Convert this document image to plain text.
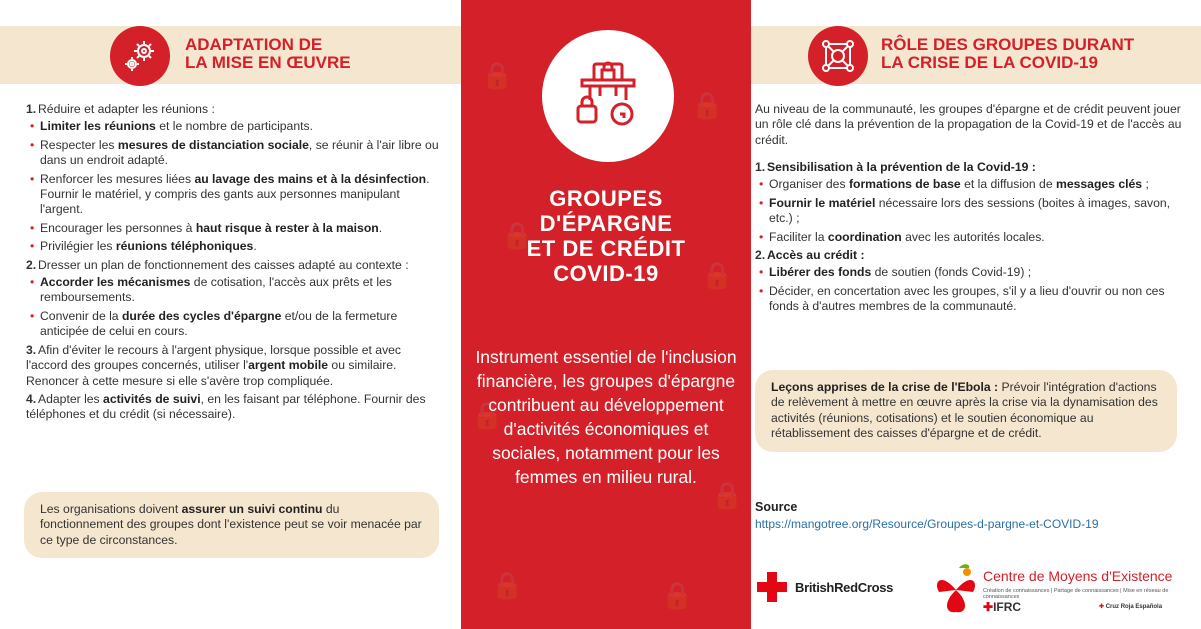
ADAPTATION DE
LA MISE EN ŒUVRE
1. Réduire et adapter les réunions :
• Limiter les réunions et le nombre de participants.
• Respecter les mesures de distanciation sociale, se réunir à l'air libre ou dans un endroit adapté.
• Renforcer les mesures liées au lavage des mains et à la désinfection. Fournir le matériel, y compris des gants aux personnes manipulant l'argent.
• Encourager les personnes à haut risque à rester à la maison.
• Privilégier les réunions téléphoniques.
2. Dresser un plan de fonctionnement des caisses adapté au contexte :
• Accorder les mécanismes de cotisation, l'accès aux prêts et les remboursements.
• Convenir de la durée des cycles d'épargne et/ou de la fermeture anticipée de celui en cours.
3. Afin d'éviter le recours à l'argent physique, lorsque possible et avec l'accord des groupes concernés, utiliser l'argent mobile ou similaire. Renoncer à cette mesure si elle s'avère trop compliquée.
4. Adapter les activités de suivi, en les faisant par téléphone. Fournir des téléphones et du crédit (si nécessaire).
Les organisations doivent assurer un suivi continu du fonctionnement des groupes dont l'existence peut se voir menacée par ce type de circonstances.
🔒
🔒
🔒
🔒
🔒
🔒
🔒	🔒
GROUPES
D'ÉPARGNE
ET DE CRÉDIT
COVID-19
Instrument essentiel de l'inclusion financière, les groupes d'épargne contribuent au développement d'activités économiques et sociales, notamment pour les femmes en milieu rural.
RÔLE DES GROUPES DURANT
LA CRISE DE LA COVID-19
Au niveau de la communauté, les groupes d'épargne et de crédit peuvent jouer un rôle clé dans la prévention de la propagation de la Covid-19 et de l'accès au crédit.
1. Sensibilisation à la prévention de la Covid-19 :
• Organiser des formations de base et la diffusion de messages clés ;
• Fournir le matériel nécessaire lors des sessions (boites à images, savon, etc.) ;
• Faciliter la coordination avec les autorités locales.
2. Accès au crédit :
• Libérer des fonds de soutien (fonds Covid-19) ;
• Décider, en concertation avec les groupes, s'il y a lieu d'ouvrir ou non ces fonds à d'autres membres de la communauté.
Leçons apprises de la crise de l'Ebola : Prévoir l'intégration d'actions de relèvement à mettre en œuvre après la crise via la dynamisation des activités (réunions, cotisations) et le soutien économique au rétablissement des caisses d'épargne et de crédit.
Source
https://mangotree.org/Resource/Groupes-d-pargne-et-COVID-19
BritishRedCross
Centre de Moyens d'Existence
Création de connaissances | Partage de connaissances | Mise en réseau de connaissances
✚IFRC	✚ Cruz Roja Española
